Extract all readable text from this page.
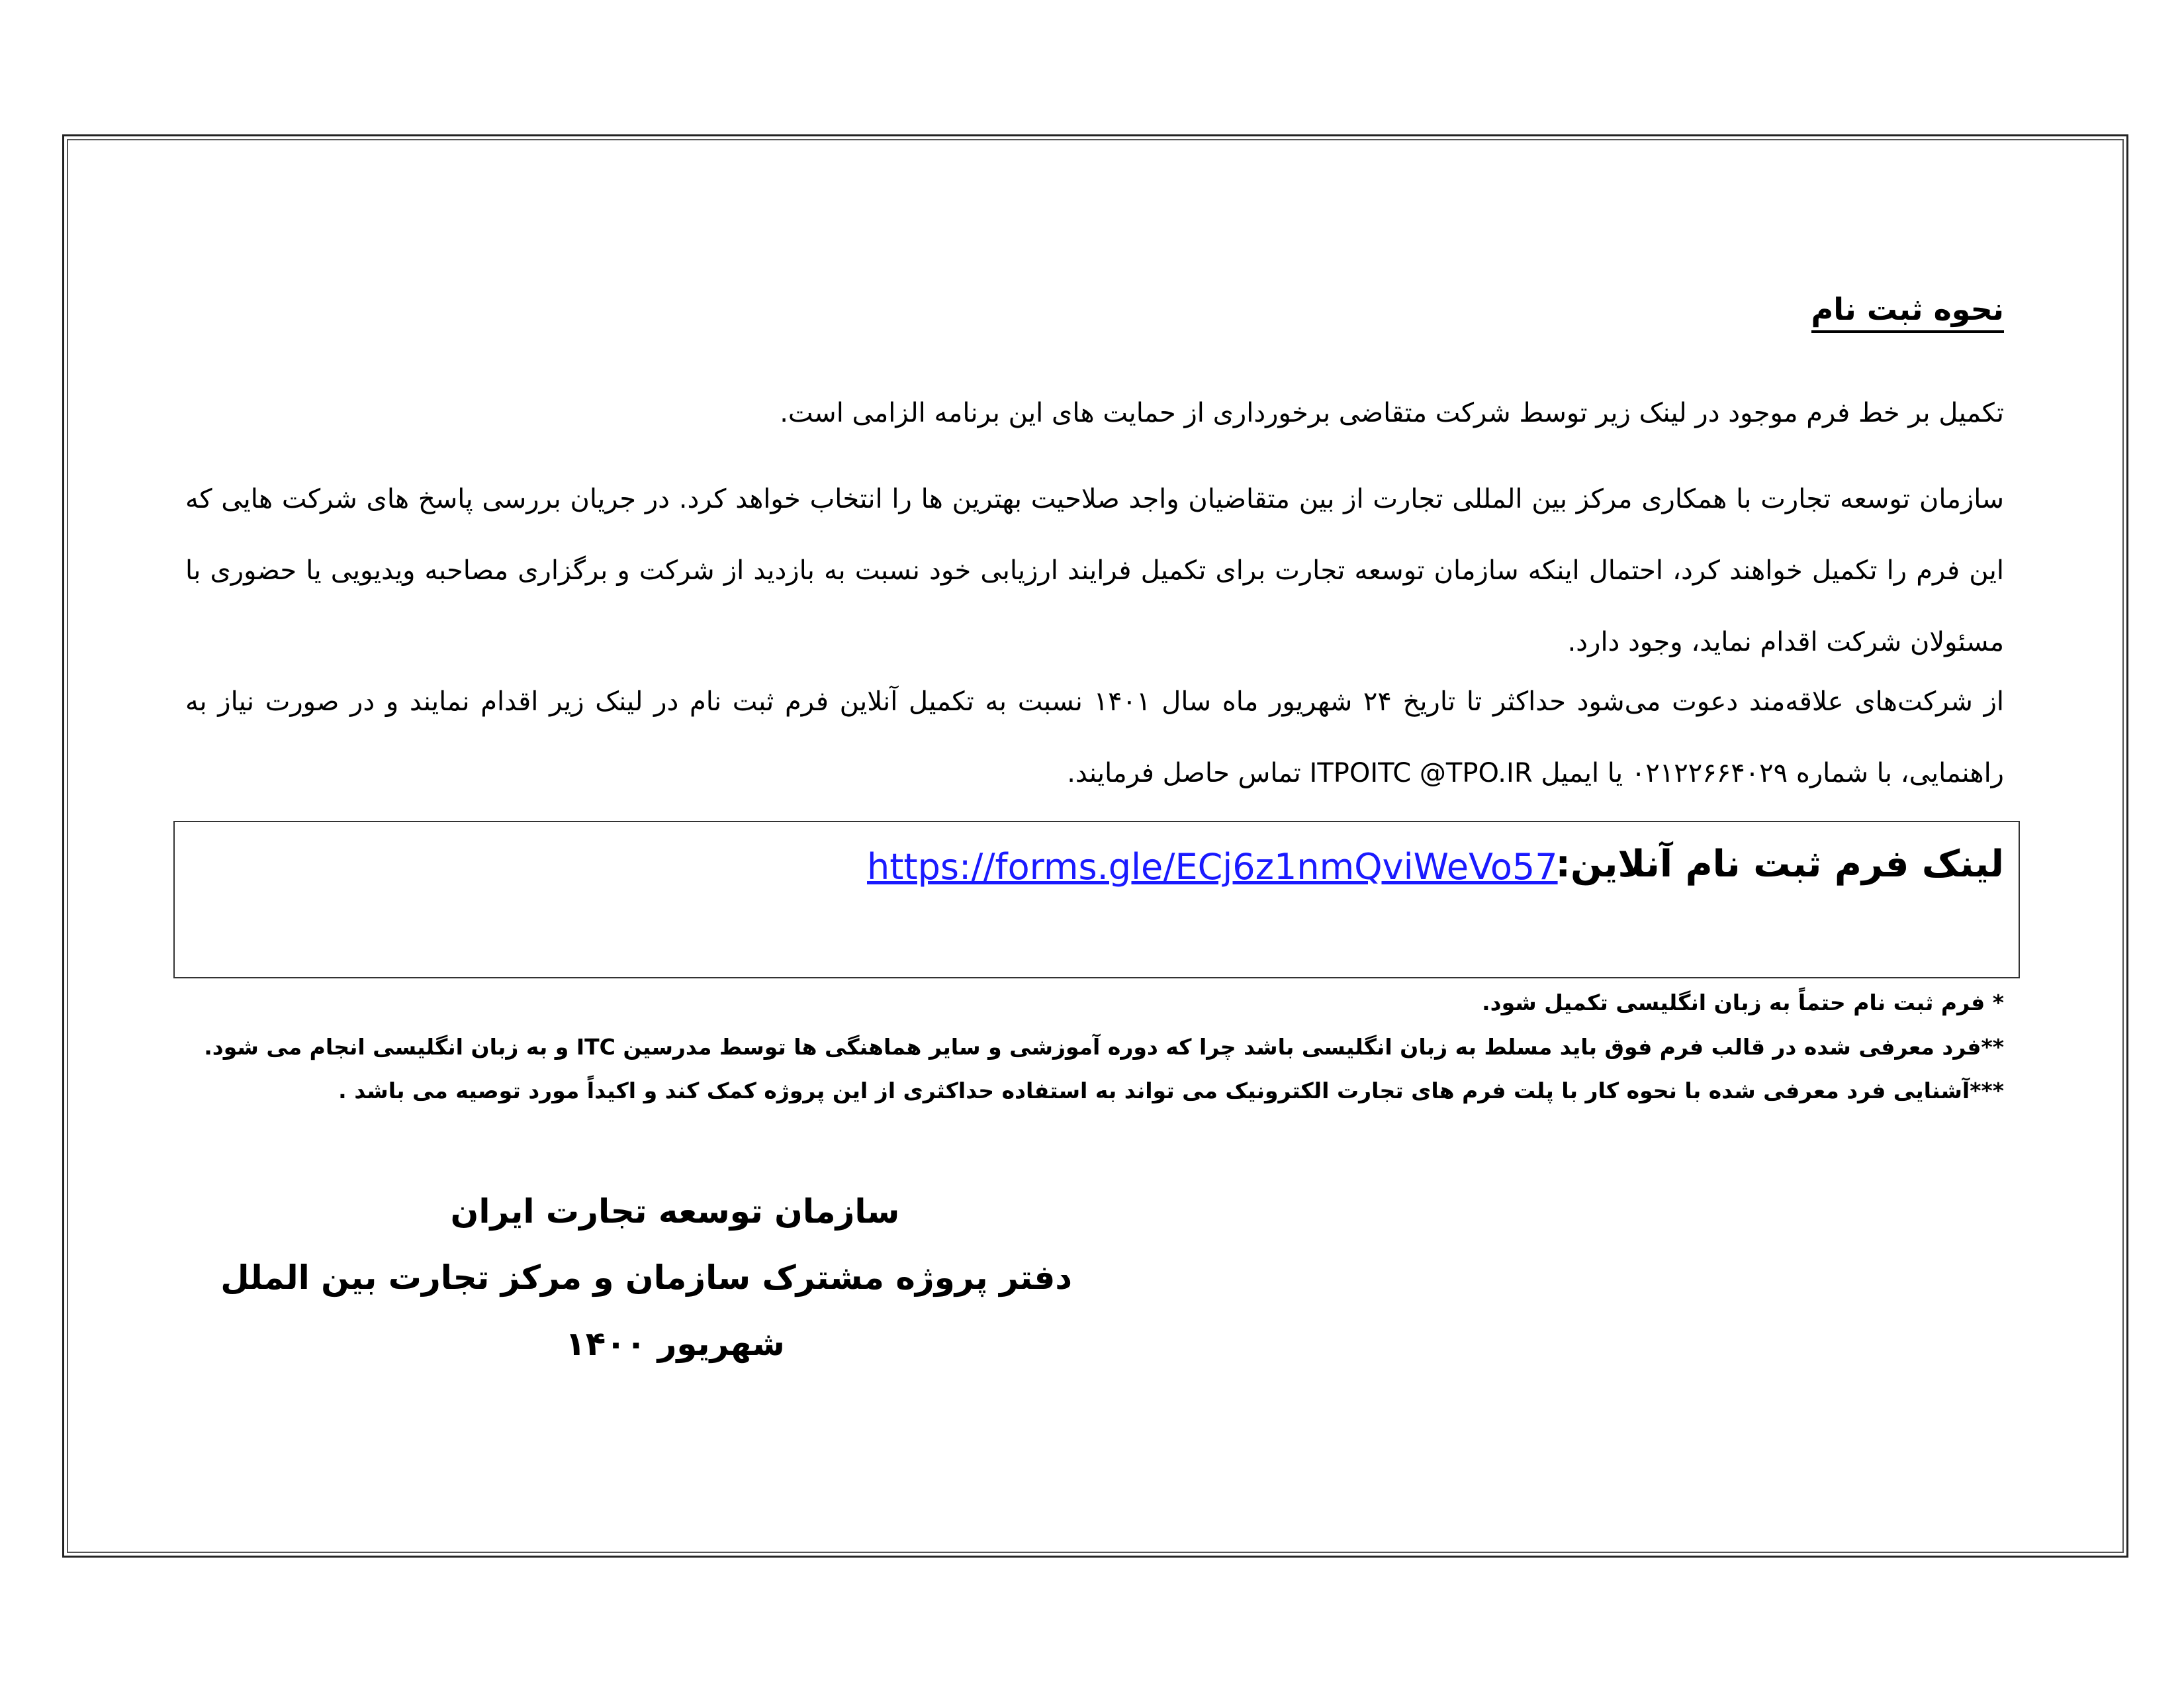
نحوه ثبت نام
تکمیل بر خط فرم موجود در لینک زیر توسط شرکت متقاضی برخورداری از حمایت های این برنامه الزامی است.
سازمان توسعه تجارت با همکاری مرکز بین المللی تجارت از بین متقاضیان واجد صلاحیت بهترین ها را انتخاب خواهد کرد. در جریان بررسی پاسخ های شرکت هایی که این فرم را تکمیل خواهند کرد، احتمال اینکه سازمان توسعه تجارت برای تکمیل فرایند ارزیابی خود نسبت به بازدید از شرکت و برگزاری مصاحبه ویدیویی یا حضوری با مسئولان شرکت اقدام نماید، وجود دارد.
از شرکت‌های علاقه‌مند دعوت می‌شود حداکثر تا تاریخ ۲۴ شهریور ماه سال ۱۴۰۱ نسبت به تکمیل آنلاین فرم ثبت نام در لینک زیر اقدام نمایند و در صورت نیاز به راهنمایی، با شماره ۰۲۱۲۲۶۶۴۰۲۹ یا ایمیل ITPOITC @TPO.IR تماس حاصل فرمایند.
لینک فرم ثبت نام آنلاین:
https://forms.gle/ECj6z1nmQviWeVo57
* فرم ثبت نام حتماً به زبان انگلیسی تکمیل شود.
**فرد معرفی شده در قالب فرم فوق باید مسلط به زبان انگلیسی باشد چرا که دوره آموزشی و سایر هماهنگی ها توسط مدرسین ITC و به زبان انگلیسی انجام می شود.
***آشنایی فرد معرفی شده با نحوه کار با پلت فرم های تجارت الکترونیک می تواند به استفاده حداکثری از این پروژه کمک کند و اکیداً مورد توصیه می باشد .
سازمان توسعه تجارت ایران
دفتر پروژه مشترک سازمان و مرکز تجارت بین الملل
شهریور ۱۴۰۰
